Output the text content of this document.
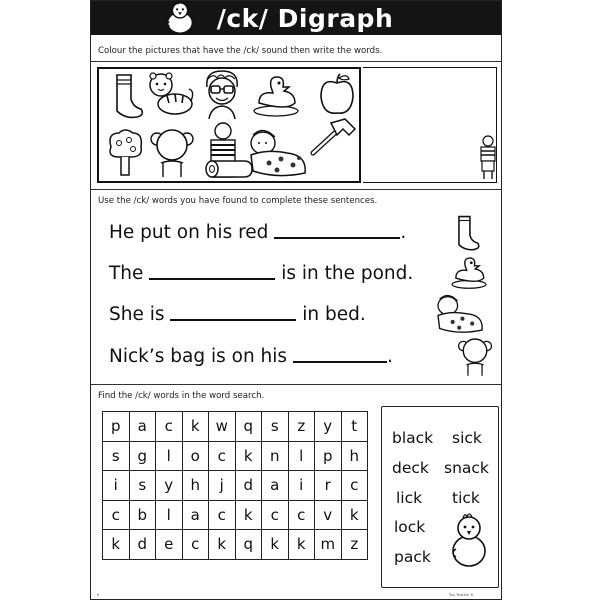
/ck/ Digraph
Colour the pictures that have the /ck/ sound then write the words.
Use the /ck/ words you have found to complete these sentences.
He put on his red	.
The	is in the pond.
She is	in bed.
Nick’s bag is on his	.
Find the /ck/ words in the word search.
p	a	c	k	w	q	s	z	y	t
s	g	l	o	c	k	n	l	p	h
i	s	y	h	j	d	a	i	r	c
c	b	l	a	c	k	c	c	v	k
k	d	e	c	k	q	k	k	m	z
black sick
deck snack
lick tick
lock
pack
6	Top Teacher 6
